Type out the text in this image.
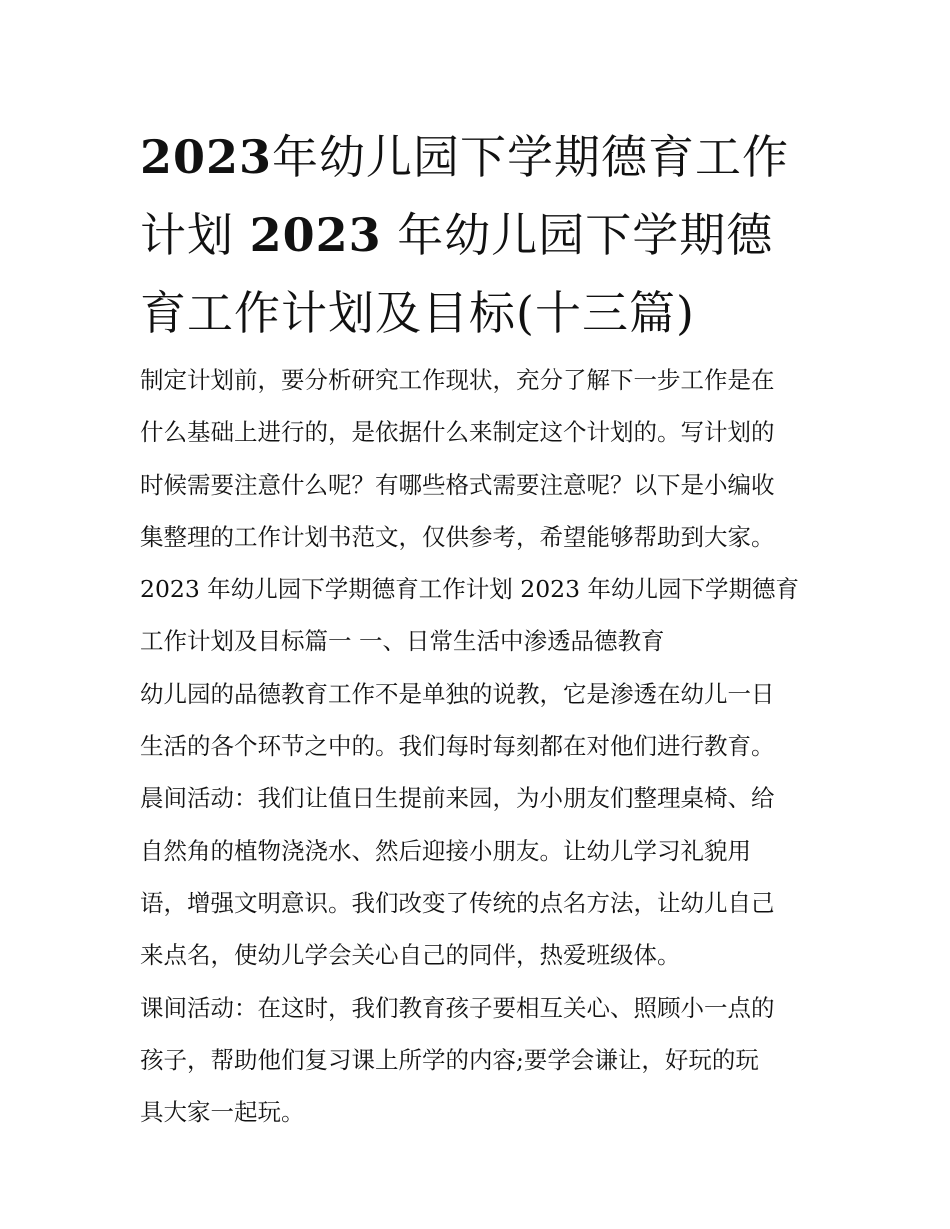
2023年幼儿园下学期德育工作
计划 2023 年幼儿园下学期德
育工作计划及目标(十三篇)
制定计划前，要分析研究工作现状，充分了解下一步工作是在
什么基础上进行的，是依据什么来制定这个计划的。写计划的
时候需要注意什么呢？有哪些格式需要注意呢？以下是小编收
集整理的工作计划书范文，仅供参考，希望能够帮助到大家。
2023 年幼儿园下学期德育工作计划 2023 年幼儿园下学期德育
工作计划及目标篇一 一、日常生活中渗透品德教育
幼儿园的品德教育工作不是单独的说教，它是渗透在幼儿一日
生活的各个环节之中的。我们每时每刻都在对他们进行教育。
晨间活动：我们让值日生提前来园，为小朋友们整理桌椅、给
自然角的植物浇浇水、然后迎接小朋友。让幼儿学习礼貌用
语，增强文明意识。我们改变了传统的点名方法，让幼儿自己
来点名，使幼儿学会关心自己的同伴，热爱班级体。
课间活动：在这时，我们教育孩子要相互关心、照顾小一点的
孩子，帮助他们复习课上所学的内容;要学会谦让，好玩的玩
具大家一起玩。
